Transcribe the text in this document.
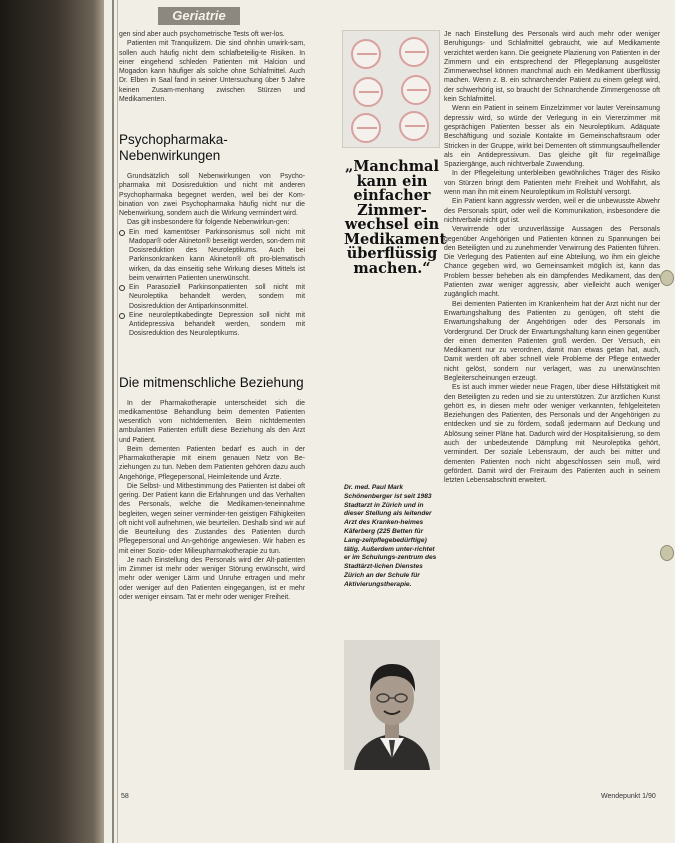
Geriatrie

gen sind aber auch psychometrische Tests oft wer-los.

Patienten mit Tranquilizern. Die sind ohnhin unwirk-sam, sollen auch häufig nicht dem schlafbeteilig-te Risiken. In einer eingehend schleden Patienten mit Halcion und Mogadon kann häufiger als solche ohne Schlafmittel. Auch Dr. Elben in Saal fand in seiner Untersuchung über 5 Jahre keinen Zusam-menhang zwischen Stürzen und Medikamenten.

Psychopharmaka-Nebenwirkungen

Grundsätzlich soll Nebenwirkungen von Psycho-pharmaka mit Dosisreduktion und nicht mit anderen Psychopharmaka begegnet werden, weil bei der Kom-bination von zwei Psychopharmaka häufig nicht nur die Nebenwirkung, sondern auch die Wirkung vermindert wird.

Das gilt insbesondere für folgende Nebenwirkun-gen:

Ein med kamentöser Parkinsonismus soll nicht mit Madopar® oder Akineton® beseitigt werden, son-dern mit Dosisreduktion des Neuroleptikums. Auch bei Parkinsonkranken kann Akineton® oft pro-blematisch wirken, da das einseitig sehe Wirkung dieses Mittels ist beim verwirrten Patienten unerwünscht.
Ein Parasoziell Parkinsonpatienten soll nicht mit Neuroleptika behandelt werden, sondern mit Dosisreduktion der Antiparkinsonmittel.
Eine neuroleptikabedingte Depression soll nicht mit Antidepressiva behandelt werden, sondern mit Dosisreduktion des Neuroleptikums.
Die mitmenschliche Beziehung

In der Pharmakotherapie unterscheidet sich die medikamentöse Behandlung beim dementen Patienten wesentlich vom nichtdementen. Beim nichtdementen ambulanten Patienten erfüllt diese Beziehung als den Arzt und Patient.

Beim dementen Patienten bedarf es auch in der Pharmakotherapie mit einem genauen Netz von Be-ziehungen zu tun. Neben dem Patienten gehören dazu auch Angehörige, Pflegepersonal, Heimleitende und Ärzte.

Die Selbst- und Mitbestimmung des Patienten ist dabei oft gering. Der Patient kann die Erfahrungen und das Verhalten des Personals, welche die Medikamen-teneinnahme begleiten, wegen seiner verminder-ten geistigen Fähigkeiten oft nicht voll aufnehmen, wie beurteilen. Deshalb sind wir auf die Beurteilung des Zustandes des Patienten durch Pflegepersonal und An-gehörige angewiesen. Wir haben es mit einer Sozio- oder Milieupharmakotherapie zu tun.

Je nach Einstellung des Personals wird der Alt-patienten im Zimmer ist mehr oder weniger Störung erwünscht, wird mehr oder weniger Lärm und Unruhe ertragen und mehr oder weniger auf den Patienten eingegangen, ist er mehr oder weniger einsam. Tat er mehr oder weniger Freiheit.

„Manchmal kann ein einfacher Zimmer-wechsel ein Medikament überflüssig machen.“
Dr. med. Paul Mark Schönenberger ist seit 1983 Stadtarzt in Zürich und in dieser Stellung als leitender Arzt des Kranken-heimes Käferberg (225 Betten für Lang-zeitpflegebedürftige) tätig. Außerdem unter-richtet er im Schulungs-zentrum des Stadtärzt-lichen Dienstes Zürich an der Schule für Aktivierungstherapie.

Je nach Einstellung des Personals wird auch mehr oder weniger Beruhigungs- und Schlafmittel gebraucht, wie auf Medikamente verzichtet werden kann. Die geeignete Plazierung von Patienten in der Zimmern und ein entsprechend der Pflegeplanung ausgelöster Zimmerwechsel können manchmal auch ein Medikament überflüssig machen. Wenn z. B. ein schnarchender Patient zu einem gelegt wird, der schwerhörig ist, so braucht der Schnarchende Zimmergenosse oft kein Schlafmittel.

Wenn ein Patient in seinem Einzelzimmer vor lauter Vereinsamung depressiv wird, so würde der Verlegung in ein Viererzimmer mit gesprächigen Patienten besser als ein Neuroleptikum. Adäquate Beschäftigung und soziale Kontakte im Gemeinschaftsraum oder Stricken in der Gruppe, wirkt bei Dementen oft stimmungsaufhellender als ein Antidepressivum. Das gleiche gilt für regelmäßige Spaziergänge, auch nichtverbale Zuwendung.

In der Pflegeleitung unterbleiben gewöhnliches Träger des Risiko von Stürzen bringt dem Patienten mehr Freiheit und Wohlfahrt, als wenn man ihn mit einem Neuroleptikum im Rollstuhl versorgt.

Ein Patient kann aggressiv werden, weil er die unbewusste Abwehr des Personals spürt, oder weil die Kommunikation, insbesondere die nichtverbale nicht gut ist.

Verwirrende oder unzuverlässige Aussagen des Personals gegenüber Angehörigen und Patienten können zu Spannungen bei den Beteiligten und zu zunehmender Verwirrung des Patienten führen. Die Verlegung des Patienten auf eine Abteilung, wo ihm ein gleiche Chance gegeben wird, wo Gemeinsamkeit möglich ist, kann das Problem besser beheben als ein dämpfendes Medikament, das den Patienten zwar weniger aggressiv, aber vielleicht auch weniger zugänglich macht.

Bei dementen Patienten im Krankenheim hat der Arzt nicht nur der Erwartungshaltung des Patienten zu genügen, oft steht die Erwartungshaltung der Angehörigen oder des Personals im Vordergrund. Der Druck der Erwartungshaltung kann einen gegenüber der einen dementen Patienten groß werden. Der Versuch, ein Medikament nur zu verordnen, damit man etwas getan hat, auch, Damit werden oft aber schnell viele Probleme der Pflege entweder nicht gelöst, sondern nur verlagert, was zu unerwünschten Begleiterscheinungen erzeugt.

Es ist auch immer wieder neue Fragen, über diese Hilfstätigkeit mit den Beteiligten zu reden und sie zu unterstützen. Zur ärztlichen Kunst gehört es, in diesen mehr oder weniger verkannten, fehlgeleiteten Beziehungen des Patienten, des Personals und der Angehörigen zu entdecken und sie zu fördern, sodaß jedermann auf Deckung und Ablösung seiner Pläne hat. Dadurch wird der Hospitalisierung, so dem auch der unbedeutende Dämpfung mit Neuroleptika gehört, vermindert. Der soziale Lebensraum, der auch bei mitter und dementen Patienten noch nicht abgeschlossen sein muß, wird gefördert. Damit wird der Freiraum des Patienten auch in seinem letzten Lebensabschnitt erweitert.

58	Wendepunkt 1/90
